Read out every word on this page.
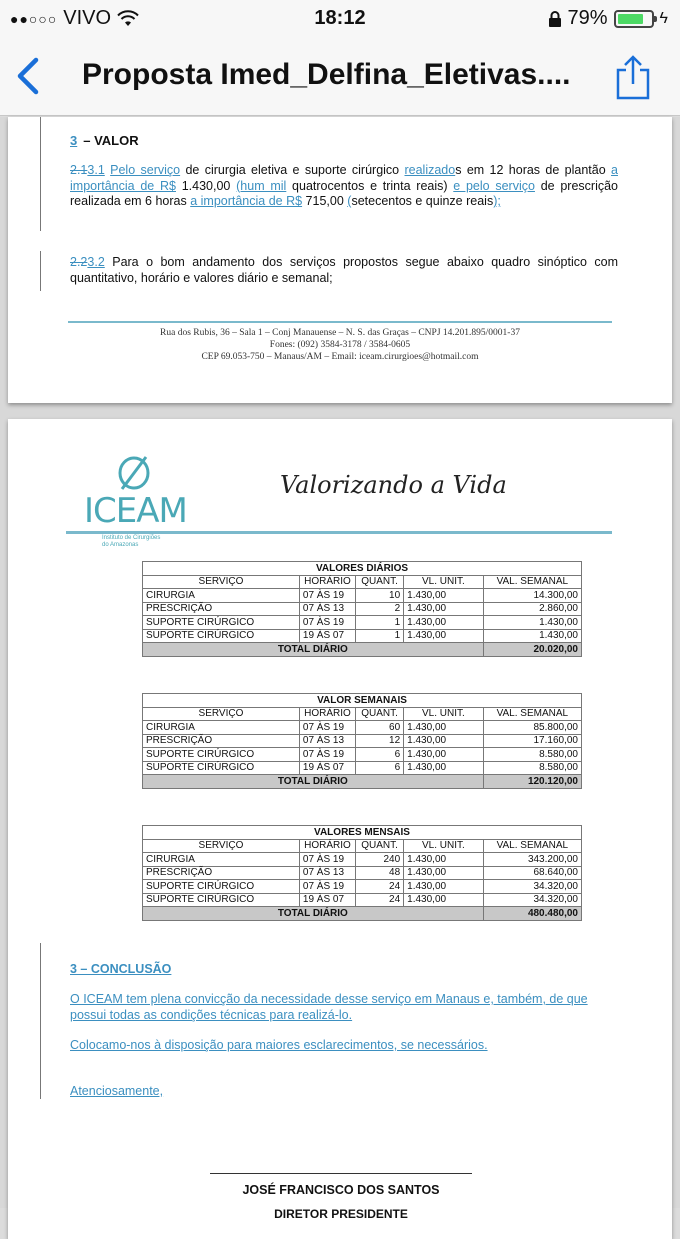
●●○○○ VIVO	18:12	79%	ϟ
Proposta Imed_Delfina_Eletivas....
3 – VALOR
2.13.1 Pelo serviço de cirurgia eletiva e suporte cirúrgico realizados em 12 horas de plantão a importância de R$ 1.430,00 (hum mil quatrocentos e trinta reais) e pelo serviço de prescrição realizada em 6 horas a importância de R$ 715,00 (setecentos e quinze reais);
2.23.2 Para o bom andamento dos serviços propostos segue abaixo quadro sinóptico com quantitativo, horário e valores diário e semanal;
Rua dos Rubis, 36 – Sala 1 – Conj Manauense – N. S. das Graças – CNPJ 14.201.895/0001-37
Fones: (092) 3584-3178 / 3584-0605
CEP 69.053-750 – Manaus/AM – Email: iceam.cirurgioes@hotmail.com
ICEAM
Instituto de Cirurgiões
do Amazonas
Valorizando a Vida
VALORES DIÁRIOS				
SERVIÇO	HORÁRIO	QUANT.	VL. UNIT.	VAL. SEMANAL
CIRURGIA	07 ÀS 19	10	1.430,00	14.300,00
PRESCRIÇÃO	07 ÀS 13	2	1.430,00	2.860,00
SUPORTE CIRÚRGICO	07 ÀS 19	1	1.430,00	1.430,00
SUPORTE CIRÚRGICO	19 ÀS 07	1	1.430,00	1.430,00
TOTAL DIÁRIO				20.020,00
VALOR SEMANAIS				
SERVIÇO	HORÁRIO	QUANT.	VL. UNIT.	VAL. SEMANAL
CIRURGIA	07 ÀS 19	60	1.430,00	85.800,00
PRESCRIÇÃO	07 ÀS 13	12	1.430,00	17.160,00
SUPORTE CIRÚRGICO	07 ÀS 19	6	1.430,00	8.580,00
SUPORTE CIRÚRGICO	19 ÀS 07	6	1.430,00	8.580,00
TOTAL DIÁRIO				120.120,00
VALORES MENSAIS				
SERVIÇO	HORÁRIO	QUANT.	VL. UNIT.	VAL. SEMANAL
CIRURGIA	07 ÀS 19	240	1.430,00	343.200,00
PRESCRIÇÃO	07 ÀS 13	48	1.430,00	68.640,00
SUPORTE CIRÚRGICO	07 ÀS 19	24	1.430,00	34.320,00
SUPORTE CIRÚRGICO	19 ÀS 07	24	1.430,00	34.320,00
TOTAL DIÁRIO				480.480,00
3 – CONCLUSÃO
O ICEAM tem plena convicção da necessidade desse serviço em Manaus e, também, de que possui todas as condições técnicas para realizá-lo.
Colocamo-nos à disposição para maiores esclarecimentos, se necessários.
Atenciosamente,
JOSÉ FRANCISCO DOS SANTOS
DIRETOR PRESIDENTE
